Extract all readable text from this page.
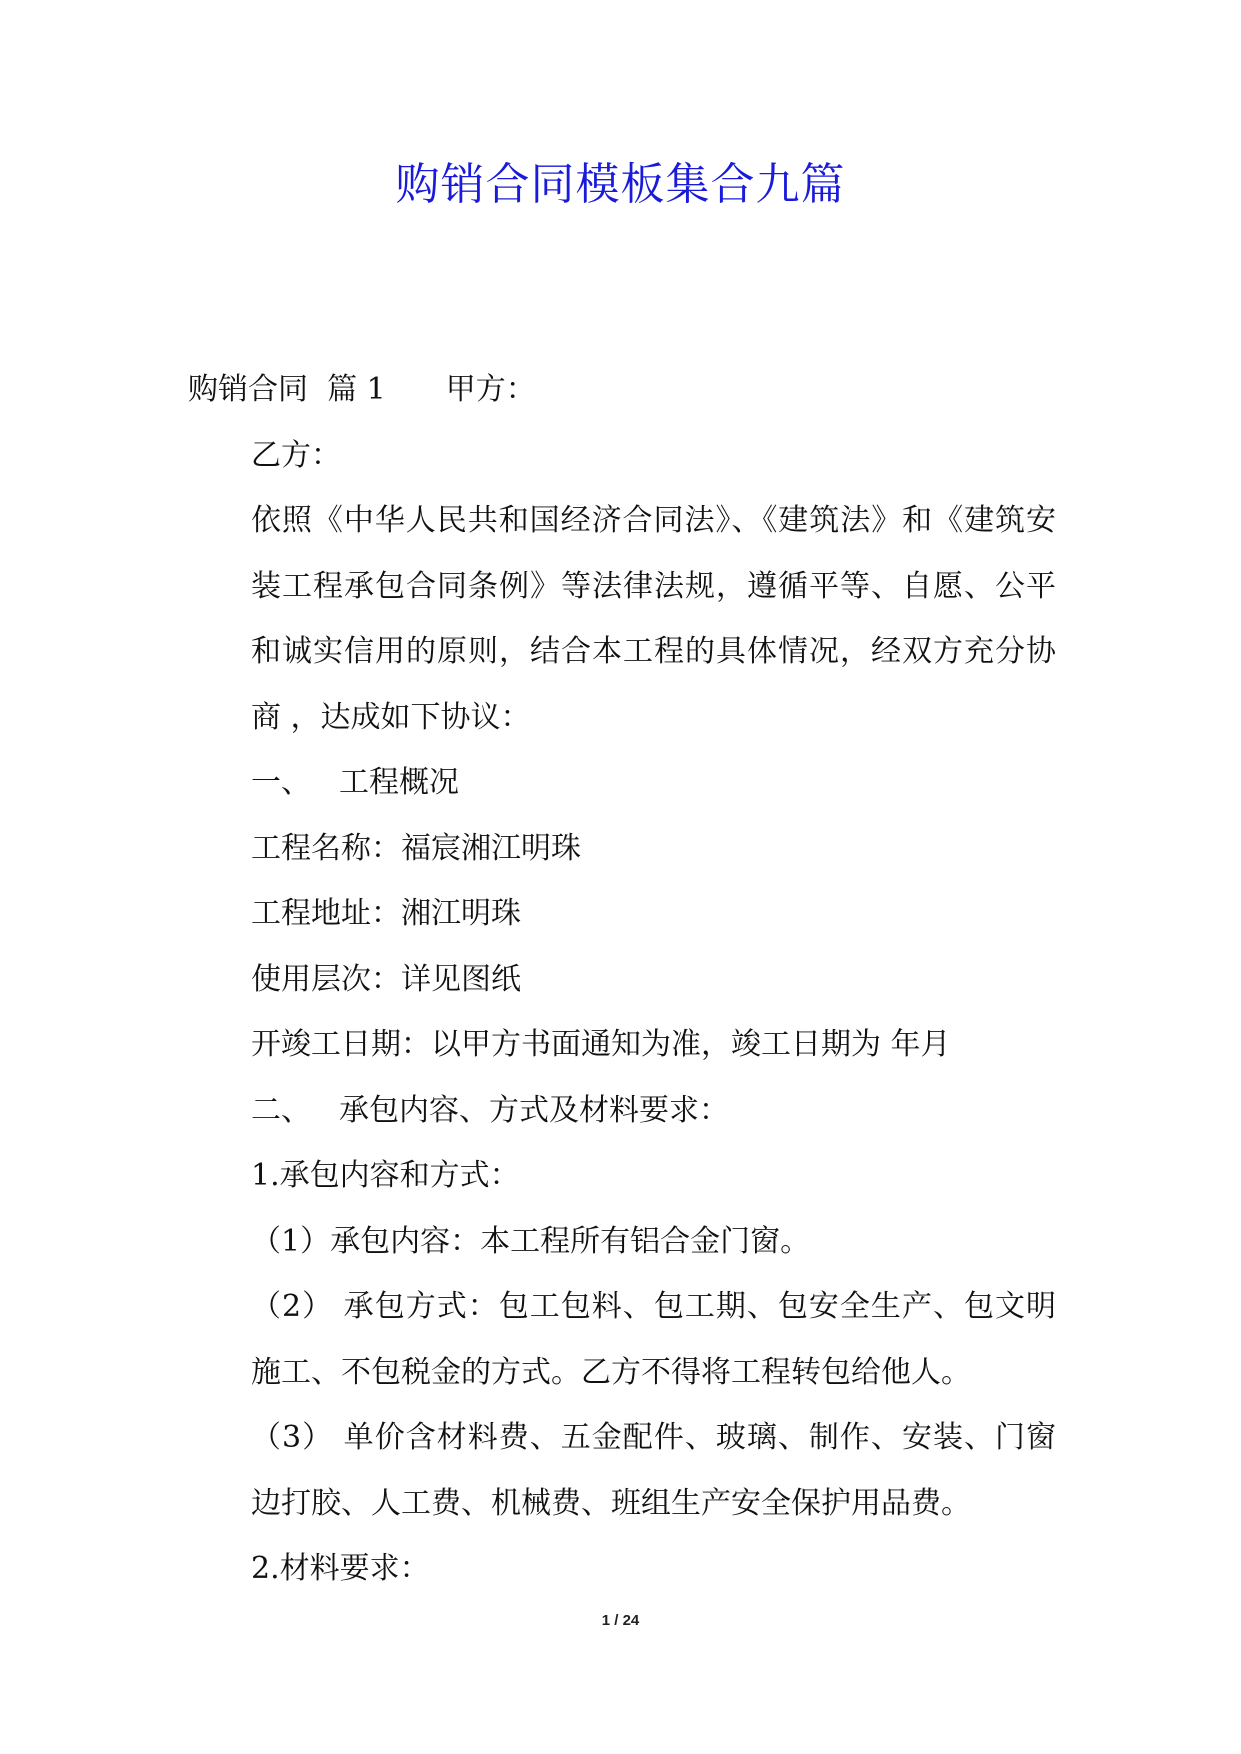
购销合同模板集合九篇

购销合同 篇 1 甲方：

乙方：

依照《中华人民共和国经济合同法》、《建筑法》和《建筑安装工程承包合同条例》等法律法规，遵循平等、自愿、公平和诚实信用的原则，结合本工程的具体情况，经双方充分协商 ，达成如下协议：

一、 工程概况

工程名称：福宸湘江明珠

工程地址：湘江明珠

使用层次：详见图纸

开竣工日期：以甲方书面通知为准，竣工日期为 年月

二、 承包内容、方式及材料要求：

1.承包内容和方式：

（1）承包内容：本工程所有铝合金门窗。

（2） 承包方式：包工包料、包工期、包安全生产、包文明施工、不包税金的方式。乙方不得将工程转包给他人。

（3） 单价含材料费、五金配件、玻璃、制作、安装、门窗边打胶、人工费、机械费、班组生产安全保护用品费。

2.材料要求：

1 / 24
